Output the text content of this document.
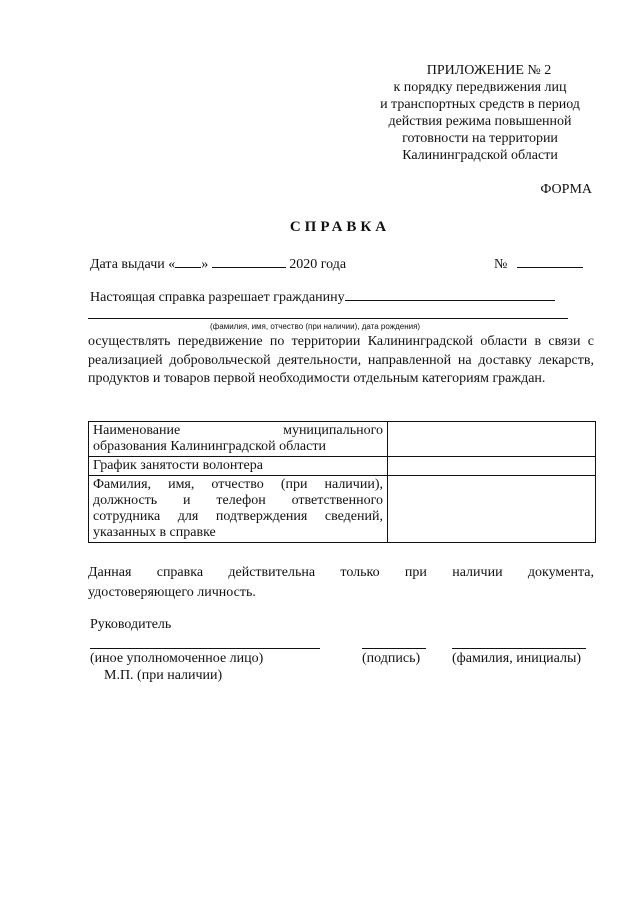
ПРИЛОЖЕНИЕ № 2
к порядку передвижения лиц
и транспортных средств в период
действия режима повышенной
готовности на территории
Калининградской области
ФОРМА
СПРАВКА
Дата выдачи « »	2020 года	№
Настоящая справка разрешает гражданину
(фамилия, имя, отчество (при наличии), дата рождения)
осуществлять передвижение по территории Калининградской области в связи с реализацией добровольческой деятельности, направленной на доставку лекарств, продуктов и товаров первой необходимости отдельным категориям граждан.
Наименование муниципального
образования Калининградской области	

График занятости волонтера	
Фамилия, имя, отчество (при наличии), должность и телефон ответственного сотрудника для подтверждения сведений, указанных в справке	
Данная справка действительна только при наличии документа,
удостоверяющего личность.
Руководитель
(иное уполномоченное лицо)	(подпись) (фамилия, инициалы)
М.П. (при наличии)
